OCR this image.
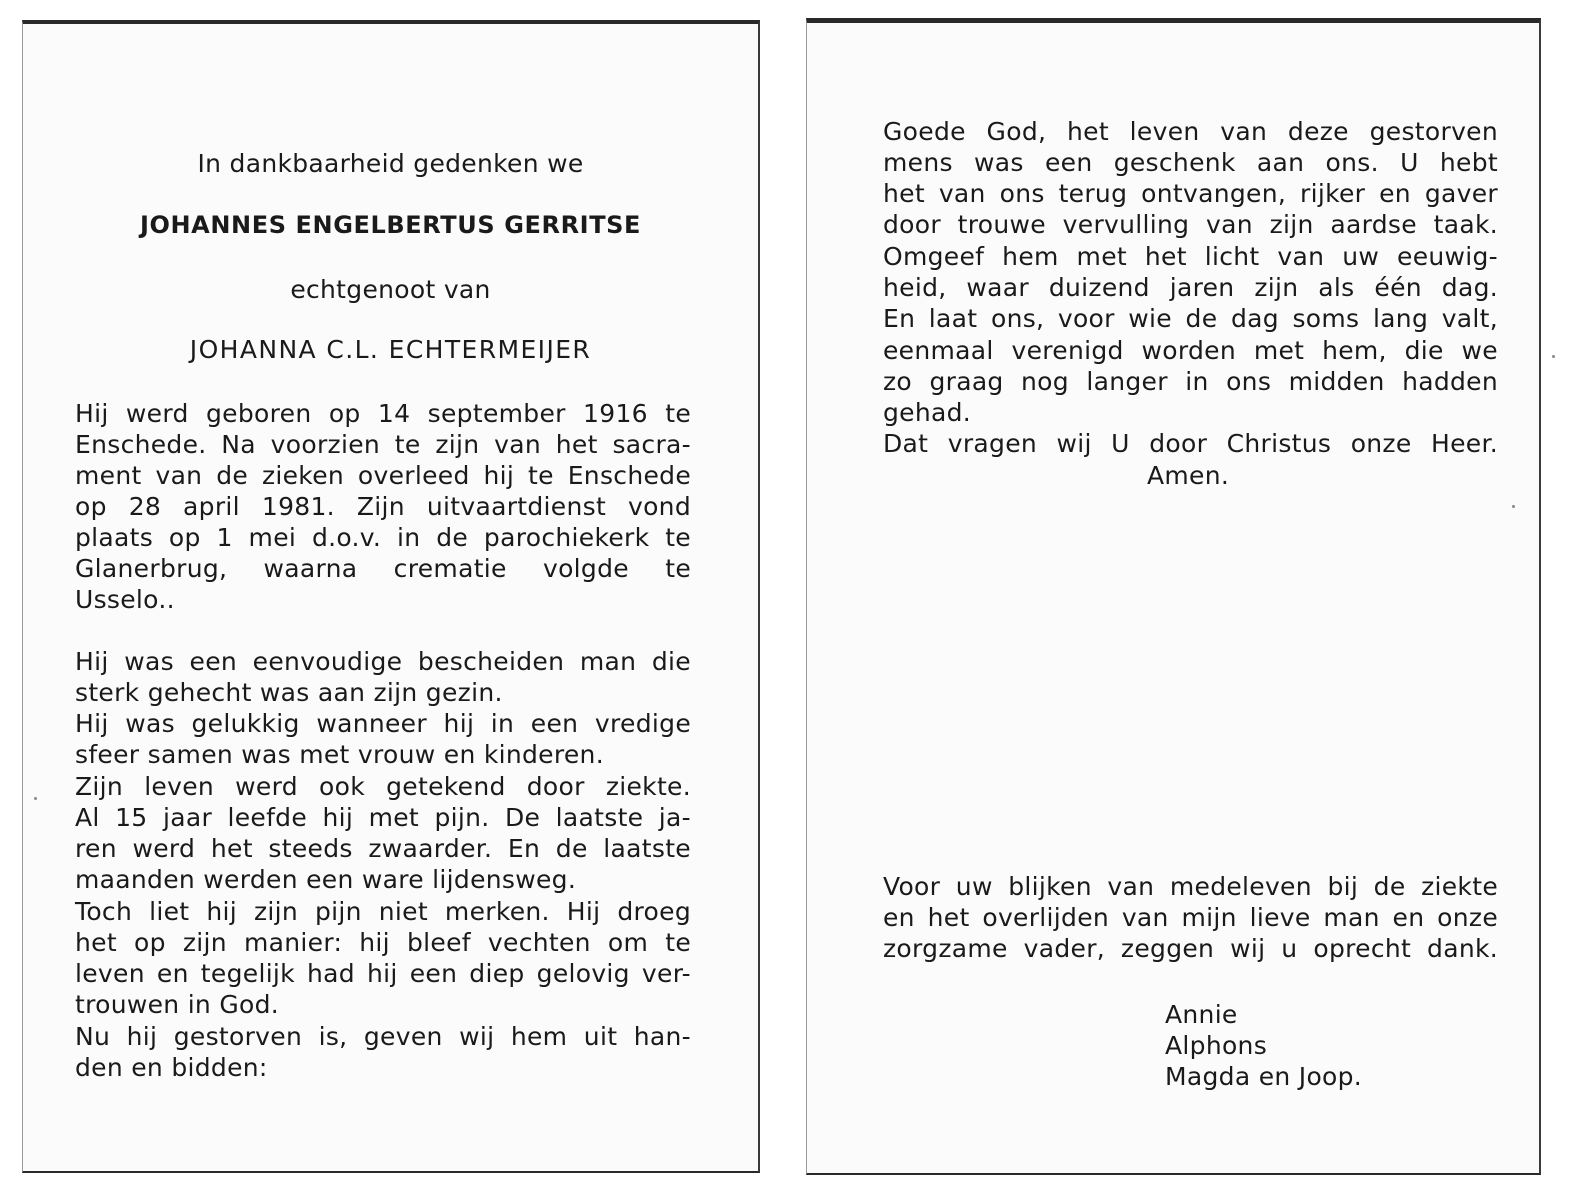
In dankbaarheid gedenken we

JOHANNES ENGELBERTUS GERRITSE

echtgenoot van

JOHANNA C.L. ECHTERMEIJER

Hij werd geboren op 14 september 1916 te

Enschede. Na voorzien te zijn van het sacra-

ment van de zieken overleed hij te Enschede

op 28 april 1981. Zijn uitvaartdienst vond

plaats op 1 mei d.o.v. in de parochiekerk te

Glanerbrug, waarna crematie volgde te

Usselo..

Hij was een eenvoudige bescheiden man die

sterk gehecht was aan zijn gezin.

Hij was gelukkig wanneer hij in een vredige

sfeer samen was met vrouw en kinderen.

Zijn leven werd ook getekend door ziekte.

Al 15 jaar leefde hij met pijn. De laatste ja-

ren werd het steeds zwaarder. En de laatste

maanden werden een ware lijdensweg.

Toch liet hij zijn pijn niet merken. Hij droeg

het op zijn manier: hij bleef vechten om te

leven en tegelijk had hij een diep gelovig ver-

trouwen in God.

Nu hij gestorven is, geven wij hem uit han-

den en bidden:

Goede God, het leven van deze gestorven

mens was een geschenk aan ons. U hebt

het van ons terug ontvangen, rijker en gaver

door trouwe vervulling van zijn aardse taak.

Omgeef hem met het licht van uw eeuwig-

heid, waar duizend jaren zijn als één dag.

En laat ons, voor wie de dag soms lang valt,

eenmaal verenigd worden met hem, die we

zo graag nog langer in ons midden hadden

gehad.

Dat vragen wij U door Christus onze Heer.

Amen.

Voor uw blijken van medeleven bij de ziekte

en het overlijden van mijn lieve man en onze

zorgzame vader, zeggen wij u oprecht dank.

Annie

Alphons

Magda en Joop.
